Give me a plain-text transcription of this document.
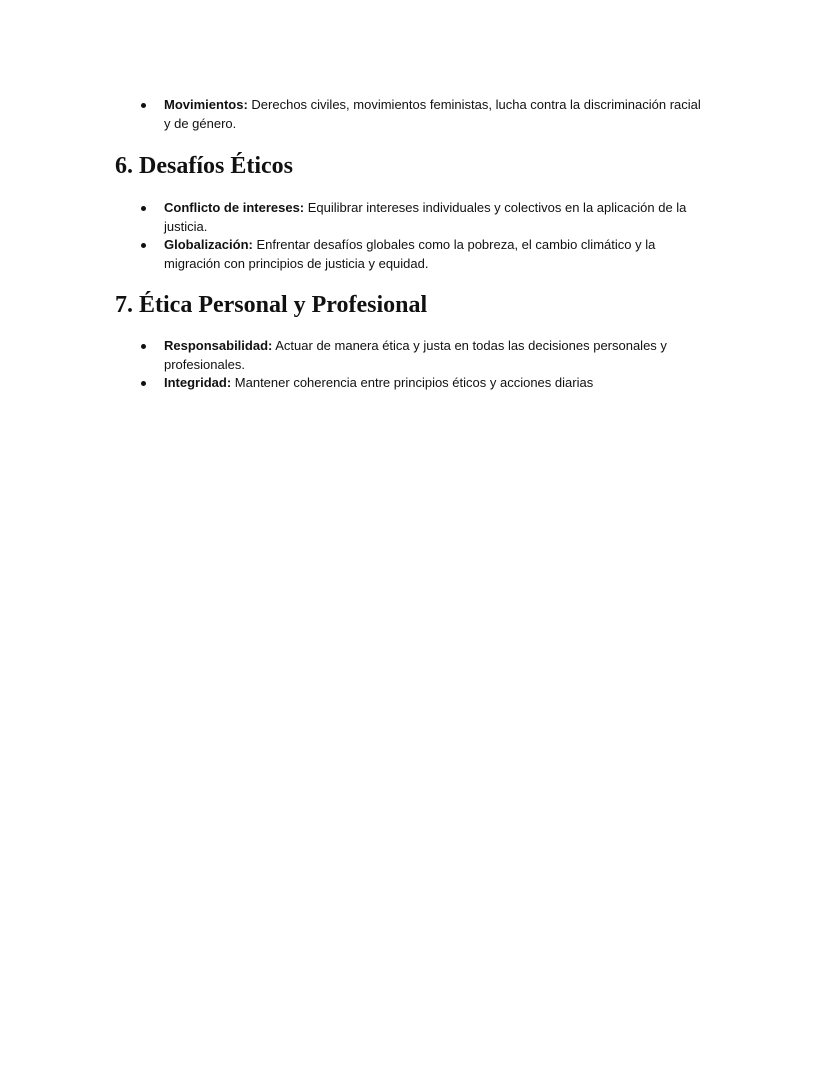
Movimientos: Derechos civiles, movimientos feministas, lucha contra la discriminación racial y de género.
6. Desafíos Éticos
Conflicto de intereses: Equilibrar intereses individuales y colectivos en la aplicación de la justicia.
Globalización: Enfrentar desafíos globales como la pobreza, el cambio climático y la migración con principios de justicia y equidad.
7. Ética Personal y Profesional
Responsabilidad: Actuar de manera ética y justa en todas las decisiones personales y profesionales.
Integridad: Mantener coherencia entre principios éticos y acciones diarias
